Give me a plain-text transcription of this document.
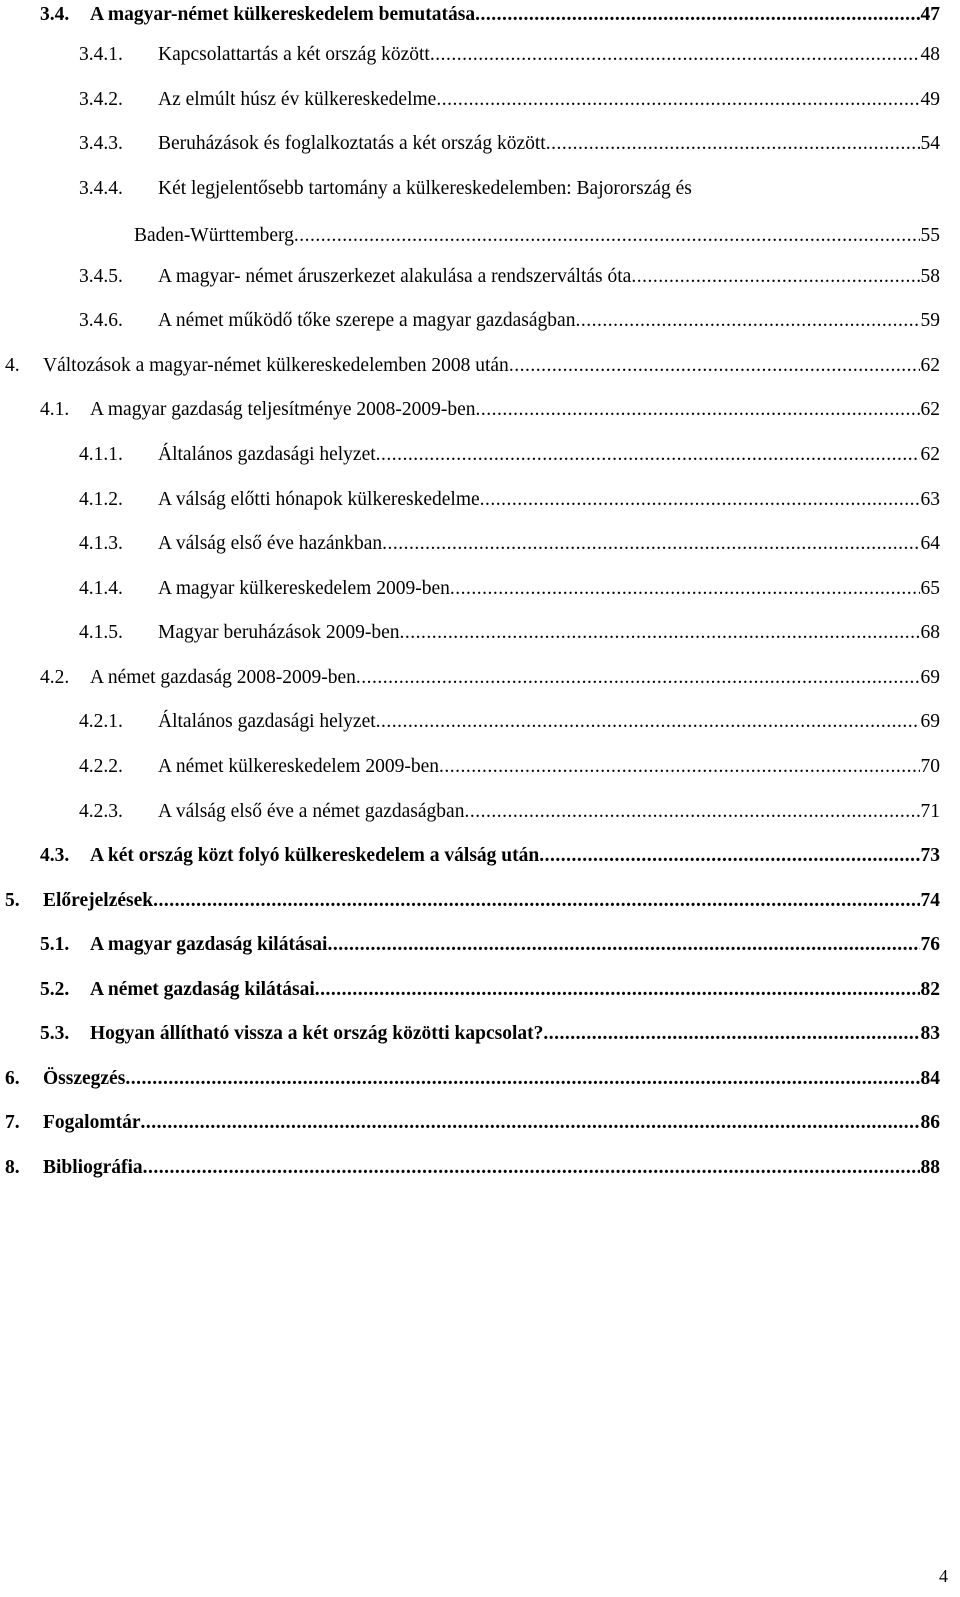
3.4. A magyar-német külkereskedelem bemutatása .....	47
3.4.1. Kapcsolattartás a két ország között .....	48
3.4.2. Az elmúlt húsz év külkereskedelme .....	49
3.4.3. Beruházások és foglalkoztatás a két ország között .....	54
3.4.4. Két legjelentősebb tartomány a külkereskedelemben: Bajorország és
Baden-Württemberg .....	55
3.4.5. A magyar- német áruszerkezet alakulása a rendszerváltás óta .....	58
3.4.6. A német működő tőke szerepe a magyar gazdaságban .....	59
4. Változások a magyar-német külkereskedelemben 2008 után .....	62
4.1. A magyar gazdaság teljesítménye 2008-2009-ben .....	62
4.1.1. Általános gazdasági helyzet .....	62
4.1.2. A válság előtti hónapok külkereskedelme .....	63
4.1.3. A válság első éve hazánkban .....	64
4.1.4. A magyar külkereskedelem 2009-ben .....	65
4.1.5. Magyar beruházások 2009-ben .....	68
4.2. A német gazdaság 2008-2009-ben .....	69
4.2.1. Általános gazdasági helyzet .....	69
4.2.2. A német külkereskedelem 2009-ben .....	70
4.2.3. A válság első éve a német gazdaságban .....	71
4.3. A két ország közt folyó külkereskedelem a válság után .....	73
5. Előrejelzések .....	74
5.1. A magyar gazdaság kilátásai .....	76
5.2. A német gazdaság kilátásai .....	82
5.3. Hogyan állítható vissza a két ország közötti kapcsolat? .....	83
6. Összegzés .....	84
7. Fogalomtár .....	86
8. Bibliográfia .....	88
4
